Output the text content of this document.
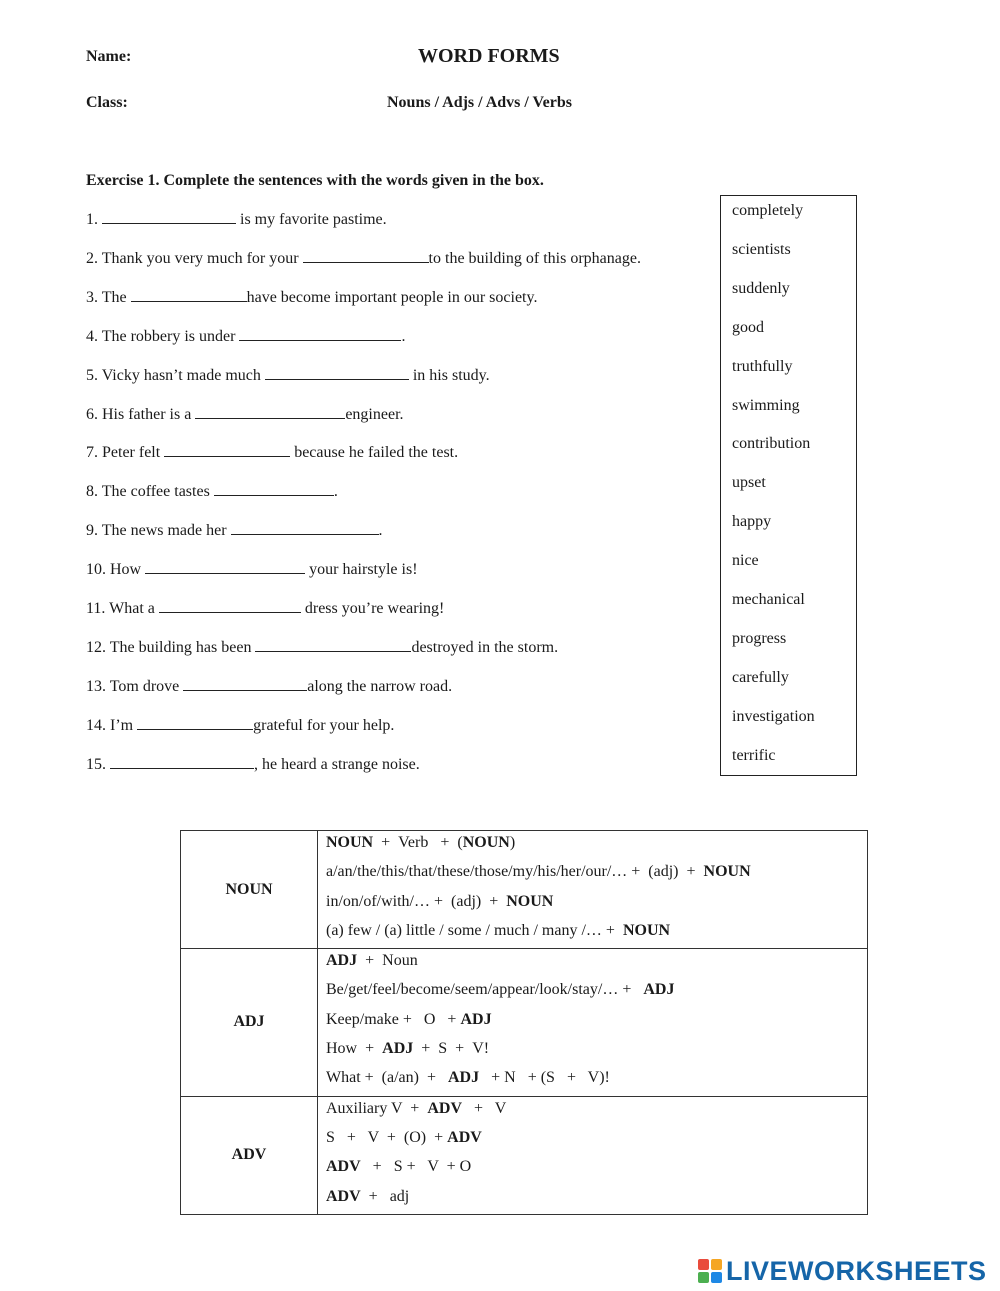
Name:	WORD FORMS
Class:	Nouns / Adjs / Advs / Verbs
Exercise 1. Complete the sentences with the words given in the box.
1.	is my favorite pastime.
2. Thank you very much for your	to the building of this orphanage.
3. The	have become important people in our society.
4. The robbery is under	.
5. Vicky hasn’t made much	in his study.
6. His father is a	engineer.
7. Peter felt	because he failed the test.
8. The coffee tastes	.
9. The news made her	.
10. How	your hairstyle is!
11. What a	dress you’re wearing!
12. The building has been	destroyed in the storm.
13. Tom drove	along the narrow road.
14. I’m	grateful for your help.
15.	, he heard a strange noise.
completely
scientists
suddenly
good
truthfully
swimming
contribution
upset
happy
nice
mechanical
progress
carefully
investigation
terrific
NOUN	NOUN  +  Verb   +  (NOUN)
a/an/the/this/that/these/those/my/his/her/our/… +  (adj)  +  NOUN
in/on/of/with/… +  (adj)  +  NOUN
(a) few / (a) little / some / much / many /… +  NOUN

ADJ	ADJ  +  Noun
Be/get/feel/become/seem/appear/look/stay/… +   ADJ
Keep/make +   O   + ADJ
How  +  ADJ  +  S  +  V!
What +  (a/an)  +   ADJ   + N   + (S   +   V)!

ADV	Auxiliary V  +  ADV   +   V
S   +   V  +  (O)  + ADV
ADV   +   S +   V  + O
ADV  +   adj
LIVEWORKSHEETS
